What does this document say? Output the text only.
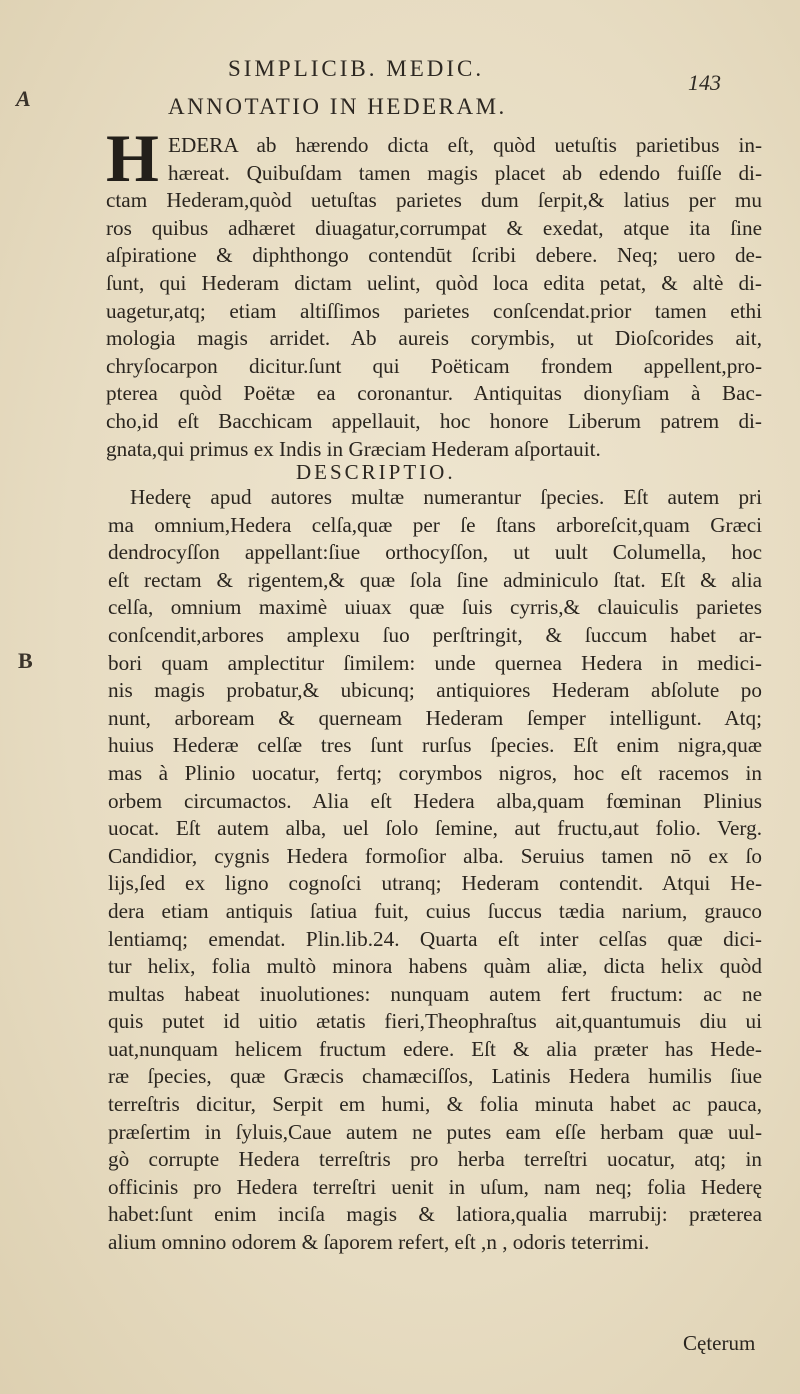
A
B
SIMPLICIB. MEDIC.
143
ANNOTATIO IN HEDERAM.
H EDERA ab hærendo dicta eſt, quòd uetuſtis parietibus in-
hæreat. Quibuſdam tamen magis placet ab edendo fuiſſe di-
ctam Hederam,quòd uetuſtas parietes dum ſerpit,& latius per mu
ros quibus adhæret diuagatur,corrumpat & exedat, atque ita ſine
aſpiratione & diphthongo contendūt ſcribi debere. Neq; uero de-
ſunt, qui Hederam dictam uelint, quòd loca edita petat, & altè di-
uagetur,atq; etiam altiſſimos parietes conſcendat.prior tamen ethi
mologia magis arridet. Ab aureis corymbis, ut Dioſcorides ait,
chryſocarpon dicitur.ſunt qui Poëticam frondem appellent,pro-
pterea quòd Poëtæ ea coronantur. Antiquitas dionyſiam à Bac-
cho,id eſt Bacchicam appellauit, hoc honore Liberum patrem di-
gnata,qui primus ex Indis in Græciam Hederam aſportauit.
DESCRIPTIO.
Hederę apud autores multæ numerantur ſpecies. Eſt autem pri
ma omnium,Hedera celſa,quæ per ſe ſtans arboreſcit,quam Græci
dendrocyſſon appellant:ſiue orthocyſſon, ut uult Columella, hoc
eſt rectam & rigentem,& quæ ſola ſine adminiculo ſtat. Eſt & alia
celſa, omnium maximè uiuax quæ ſuis cyrris,& clauiculis parietes
conſcendit,arbores amplexu ſuo perſtringit, & ſuccum habet ar-
bori quam amplectitur ſimilem: unde quernea Hedera in medici-
nis magis probatur,& ubicunq; antiquiores Hederam abſolute po
nunt, arboream & querneam Hederam ſemper intelligunt. Atq;
huius Hederæ celſæ tres ſunt rurſus ſpecies. Eſt enim nigra,quæ
mas à Plinio uocatur, fertq; corymbos nigros, hoc eſt racemos in
orbem circumactos. Alia eſt Hedera alba,quam fœminan Plinius
uocat. Eſt autem alba, uel ſolo ſemine, aut fructu,aut folio. Verg.
Candidior, cygnis Hedera formoſior alba. Seruius tamen nō ex ſo
lijs,ſed ex ligno cognoſci utranq; Hederam contendit. Atqui He-
dera etiam antiquis ſatiua fuit, cuius ſuccus tædia narium, grauco
lentiamq; emendat. Plin.lib.24. Quarta eſt inter celſas quæ dici-
tur helix, folia multò minora habens quàm aliæ, dicta helix quòd
multas habeat inuolutiones: nunquam autem fert fructum: ac ne
quis putet id uitio ætatis fieri,Theophraſtus ait,quantumuis diu ui
uat,nunquam helicem fructum edere. Eſt & alia præter has Hede-
ræ ſpecies, quæ Græcis chamæciſſos, Latinis Hedera humilis ſiue
terreſtris dicitur, Serpit em humi, & folia minuta habet ac pauca,
præſertim in ſyluis,Caue autem ne putes eam eſſe herbam quæ uul-
gò corrupte Hedera terreſtris pro herba terreſtri uocatur, atq; in
officinis pro Hedera terreſtri uenit in uſum, nam neq; folia Hederę
habet:ſunt enim inciſa magis & latiora,qualia marrubij: præterea
alium omnino odorem & ſaporem refert, eſt ,n , odoris teterrimi.
Cęterum
